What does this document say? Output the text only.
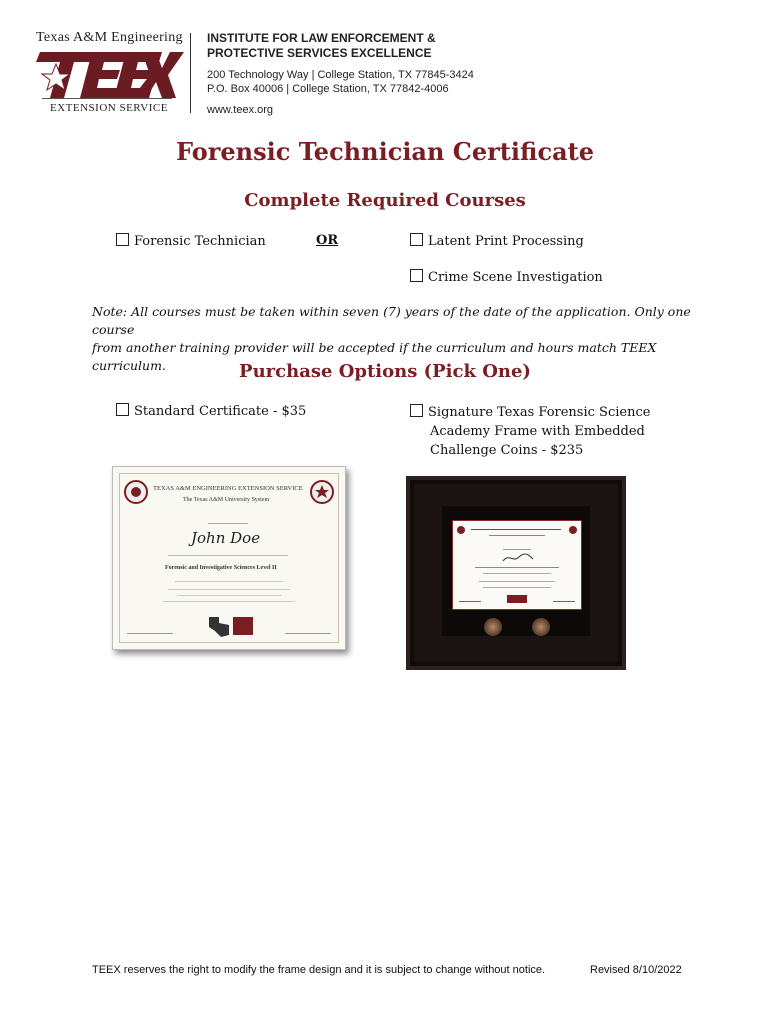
Texas A&M Engineering
EXTENSION SERVICE
INSTITUTE FOR LAW ENFORCEMENT &
PROTECTIVE SERVICES EXCELLENCE
200 Technology Way | College Station, TX 77845-3424
P.O. Box 40006 | College Station, TX 77842-4006
www.teex.org
Forensic Technician Certificate
Complete Required Courses
Forensic Technician	OR	Latent Print Processing
Crime Scene Investigation
Note: All courses must be taken within seven (7) years of the date of the application. Only one course
from another training provider will be accepted if the curriculum and hours match TEEX curriculum.	Purchase Options (Pick One)
Standard Certificate - $35	Signature Texas Forensic Science
Academy Frame with Embedded
Challenge Coins - $235
TEXAS A&M ENGINEERING EXTENSION SERVICE
The Texas A&M University System
John Doe
Forensic and Investigative Sciences Level II
TEEX reserves the right to modify the frame design and it is subject to change without notice.	Revised 8/10/2022
